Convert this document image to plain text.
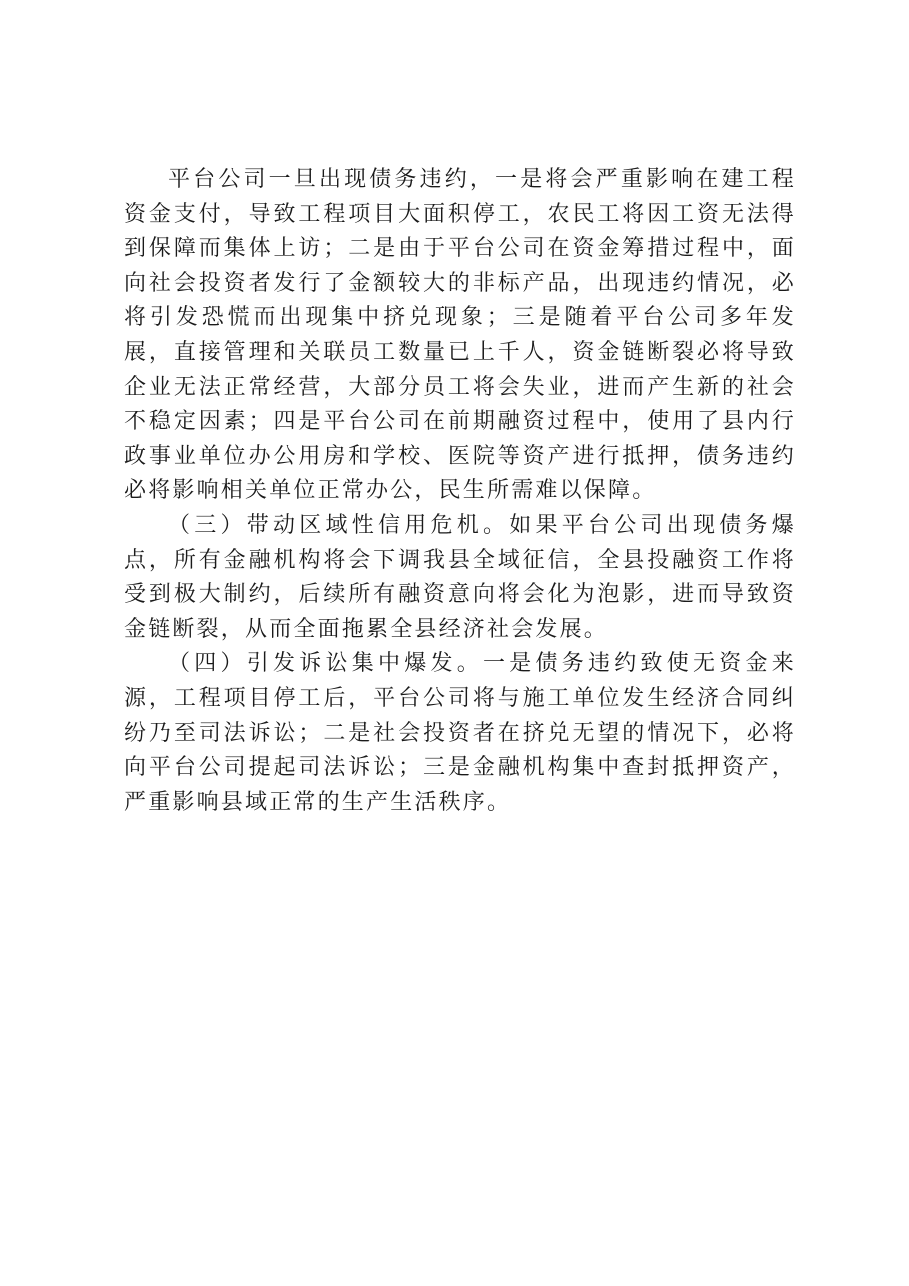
平台公司一旦出现债务违约，一是将会严重影响在建工程资金支付，导致工程项目大面积停工，农民工将因工资无法得到保障而集体上访；二是由于平台公司在资金筹措过程中，面向社会投资者发行了金额较大的非标产品，出现违约情况，必将引发恐慌而出现集中挤兑现象；三是随着平台公司多年发展，直接管理和关联员工数量已上千人，资金链断裂必将导致企业无法正常经营，大部分员工将会失业，进而产生新的社会不稳定因素；四是平台公司在前期融资过程中，使用了县内行政事业单位办公用房和学校、医院等资产进行抵押，债务违约必将影响相关单位正常办公，民生所需难以保障。

（三）带动区域性信用危机。如果平台公司出现债务爆点，所有金融机构将会下调我县全域征信，全县投融资工作将受到极大制约，后续所有融资意向将会化为泡影，进而导致资金链断裂，从而全面拖累全县经济社会发展。

（四）引发诉讼集中爆发。一是债务违约致使无资金来源，工程项目停工后，平台公司将与施工单位发生经济合同纠纷乃至司法诉讼；二是社会投资者在挤兑无望的情况下，必将向平台公司提起司法诉讼；三是金融机构集中查封抵押资产，严重影响县域正常的生产生活秩序。
